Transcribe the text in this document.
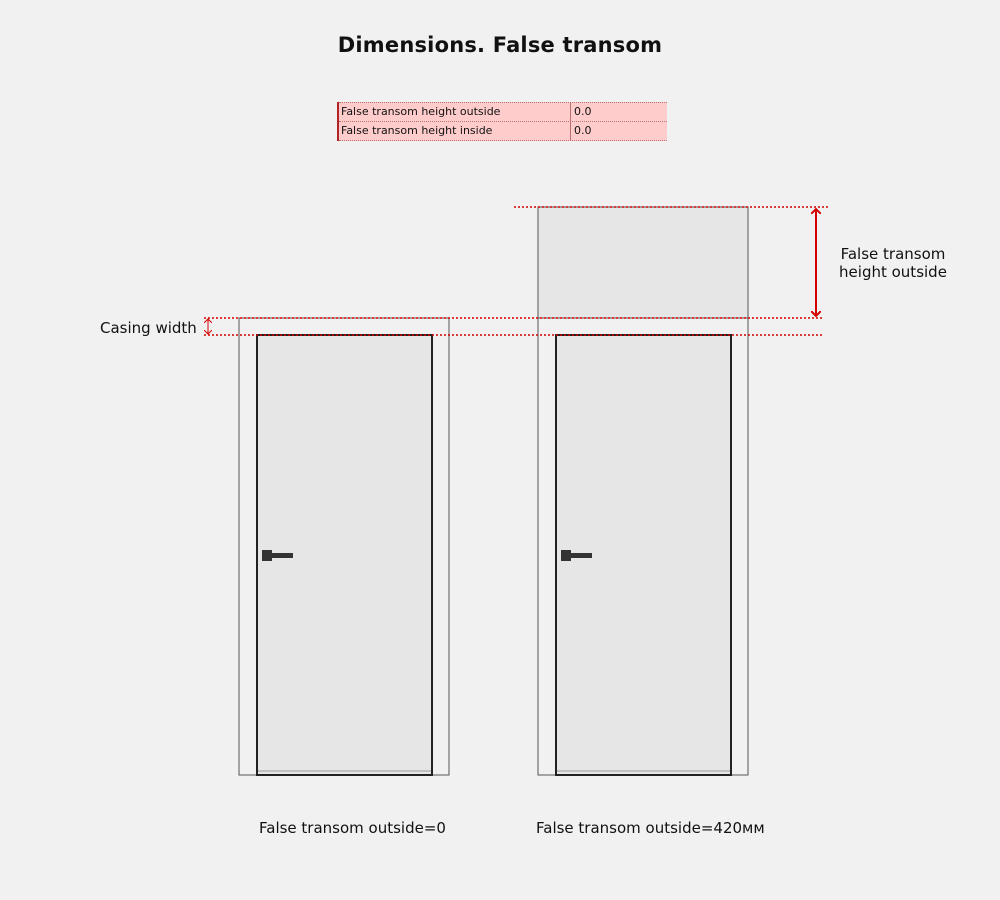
Dimensions. False transom
False transom height outside	0.0
False transom height inside	0.0
Casing width
False transom
height outside
False transom outside=0	False transom outside=420мм
